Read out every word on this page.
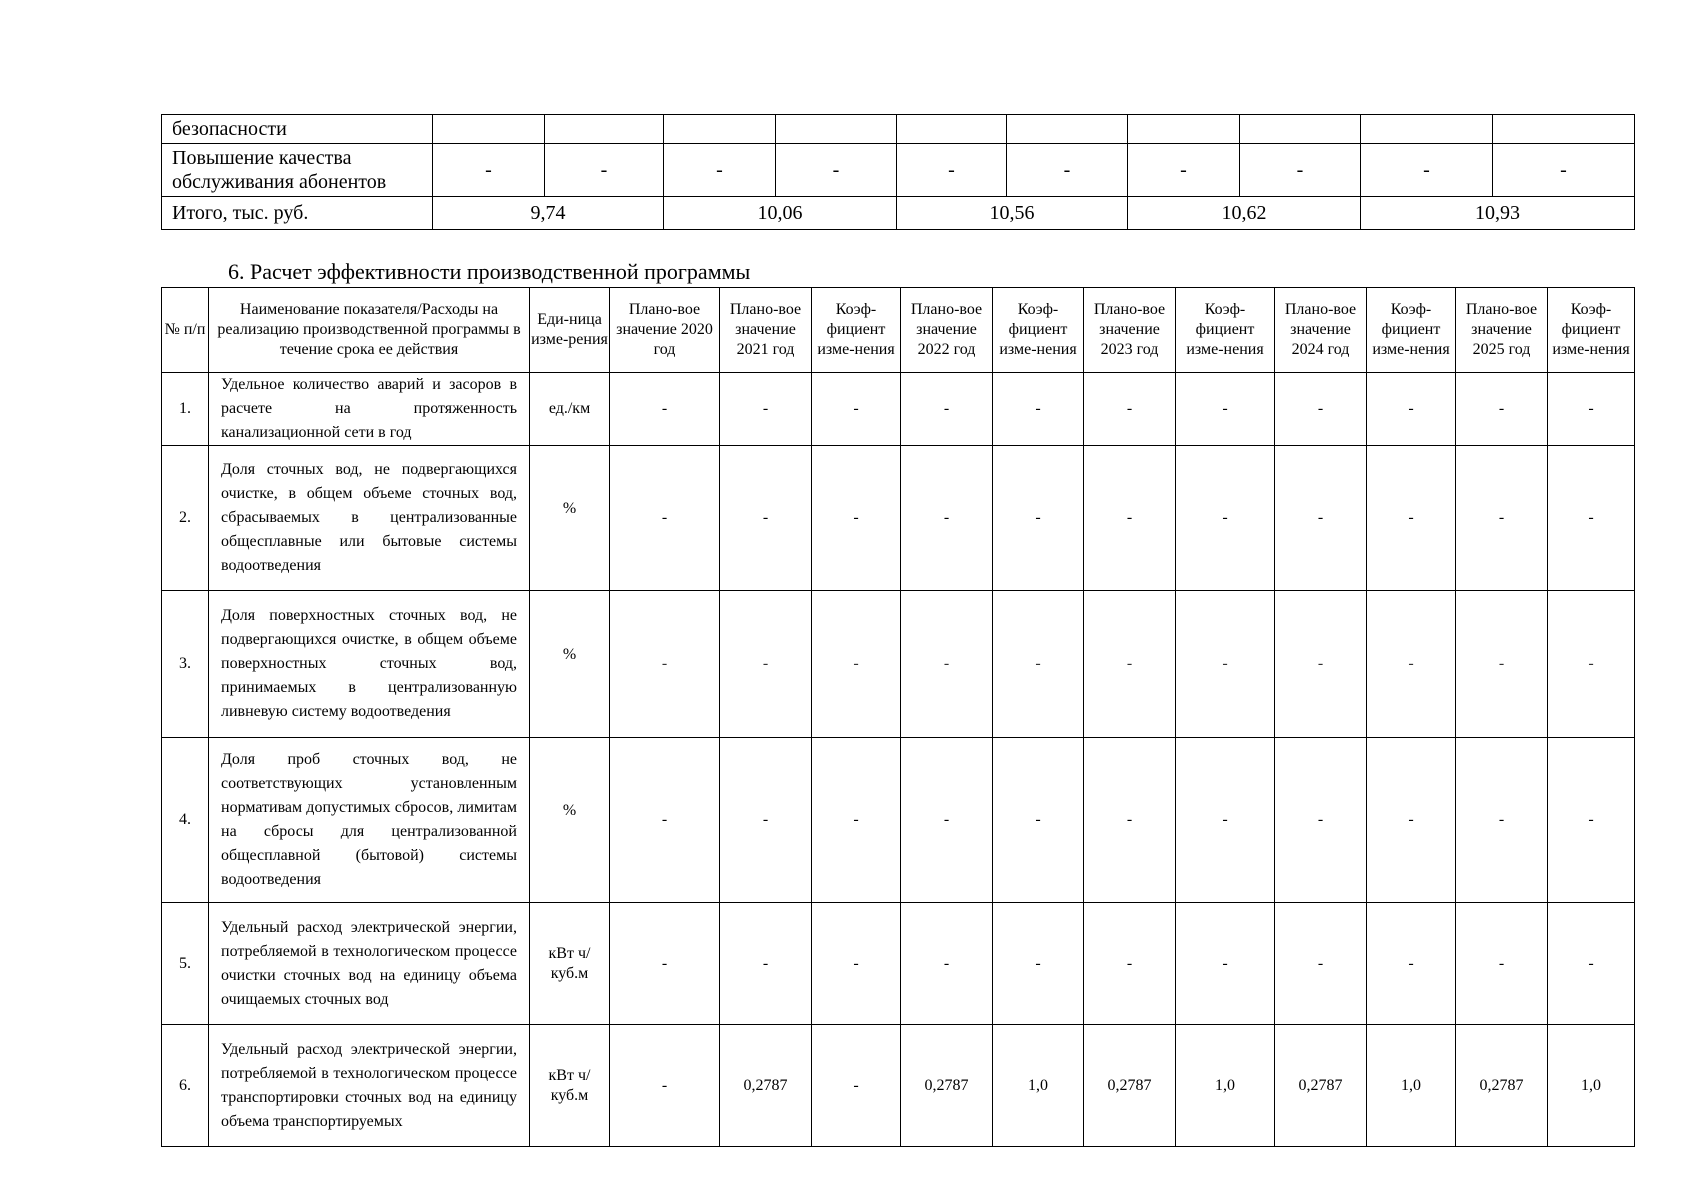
безопасности										
Повышение качества обслуживания абонентов	-	-	-	-	-	-	-	-	-	-
Итого, тыс. руб.	9,74		10,06		10,56		10,62		10,93	
6. Расчет эффективности производственной программы
№ п/п	Наименование показателя/Расходы на реализацию производственной программы в течение срока ее действия	Еди-ница изме-рения	Плано-вое значение 2020 год	Плано-вое значение 2021 год	Коэф-фициент изме-нения	Плано-вое значение 2022 год	Коэф-фициент изме-нения	Плано-вое значение 2023 год	Коэф-фициент изме-нения	Плано-вое значение 2024 год	Коэф-фициент изме-нения	Плано-вое значение 2025 год	Коэф-фициент изме-нения
1.	Удельное количество аварий и засоров в расчете на протяженность канализационной сети в год	ед./км	-	-	-	-	-	-	-	-	-	-	-
2.	Доля сточных вод, не подвергающихся очистке, в общем объеме сточных вод, сбрасываемых в централизованные общесплавные или бытовые системы водоотведения	%	-	-	-	-	-	-	-	-	-	-	-
3.	Доля поверхностных сточных вод, не подвергающихся очистке, в общем объеме поверхностных сточных вод, принимаемых в централизованную ливневую систему водоотведения	%	-	-	-	-	-	-	-	-	-	-	-
4.	Доля проб сточных вод, не соответствующих установленным нормативам допустимых сбросов, лимитам на сбросы для централизованной общесплавной (бытовой) системы водоотведения	%	-	-	-	-	-	-	-	-	-	-	-
5.	Удельный расход электрической энергии, потребляемой в технологическом процессе очистки сточных вод на единицу объема очищаемых сточных вод	кВт ч/куб.м	-	-	-	-	-	-	-	-	-	-	-
6.	Удельный расход электрической энергии, потребляемой в технологическом процессе транспортировки сточных вод на единицу объема транспортируемых	кВт ч/куб.м	-	0,2787	-	0,2787	1,0	0,2787	1,0	0,2787	1,0	0,2787	1,0
